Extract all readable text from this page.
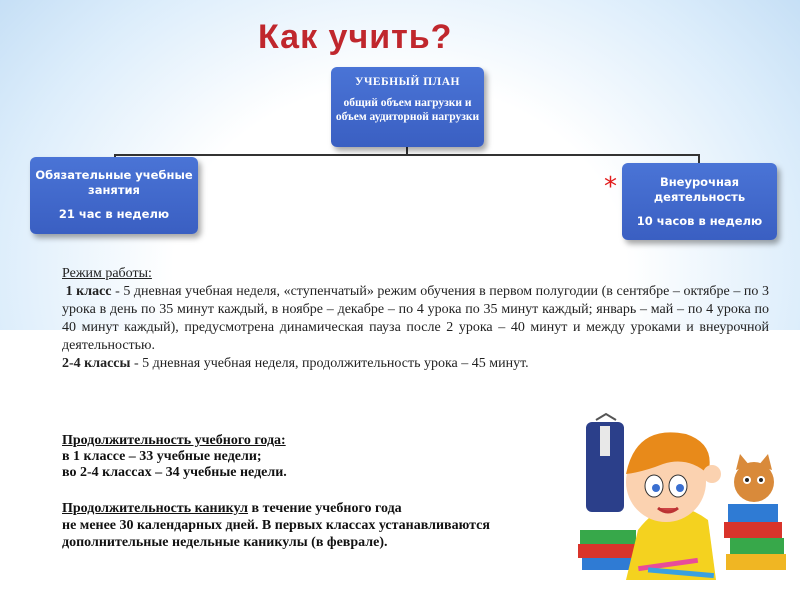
Как учить?
УЧЕБНЫЙ ПЛАН
общий объем нагрузки и объем аудиторной нагрузки
Обязательные учебные занятия
21 час в неделю
*	Внеурочная деятельность
10 часов в неделю

Режим работы:

1 класс - 5 дневная учебная неделя, «ступенчатый» режим обучения в первом полугодии (в сентябре – октябре – по 3 урока в день по 35 минут каждый, в ноябре – декабре – по 4 урока по 35 минут каждый; январь – май – по 4 урока по 40 минут каждый), предусмотрена динамическая пауза после 2 урока – 40 минут и между уроками и внеурочной деятельностью.

2-4 классы - 5 дневная учебная неделя, продолжительность урока – 45 минут.

Продолжительность учебного года:
в 1 классе – 33 учебные недели;
во 2-4 классах – 34 учебные недели.
Продолжительность каникул в течение учебного года
не менее 30 календарных дней. В первых классах устанавливаются
дополнительные недельные каникулы (в феврале).
